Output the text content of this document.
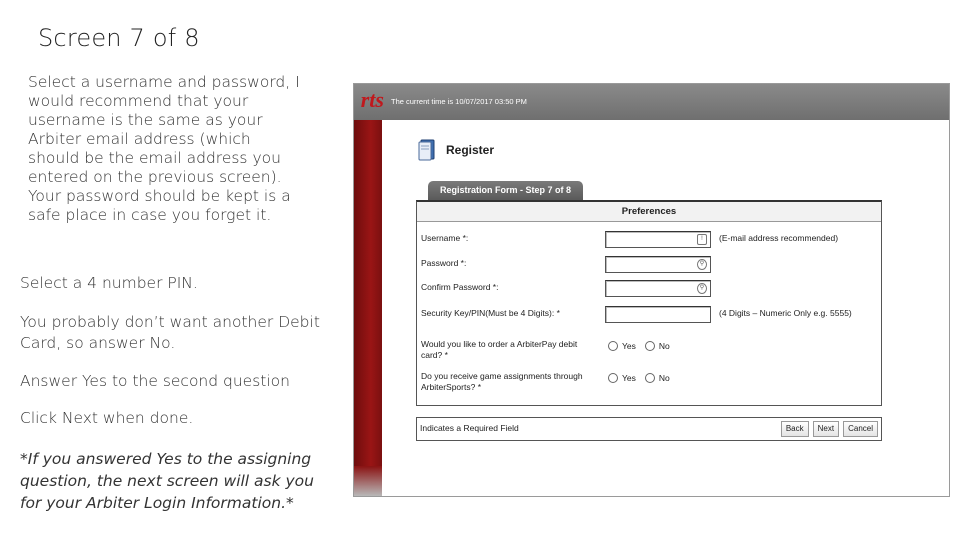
Screen 7 of 8
Select a username and password, I would recommend that your username is the same as your Arbiter email address (which should be the email address you entered on the previous screen). Your password should be kept is a safe place in case you forget it.
Select a 4 number PIN.
You probably don’t want another Debit Card, so answer No.
Answer Yes to the second question
Click Next when done.
*If you answered Yes to the assigning question, the next screen will ask you for your Arbiter Login Information.*
rts The current time is 10/07/2017 03:50 PM
Register
Registration Form - Step 7 of 8
Preferences
Username *:	!	(E-mail address recommended)
Password *:	⚲
Confirm Password *:	⚲
Security Key/PIN(Must be 4 Digits): *	(4 Digits – Numeric Only e.g. 5555)
Would you like to order a ArbiterPay debit card? *
Yes	No
Do you receive game assignments through ArbiterSports? *
Yes	No
Indicates a Required Field	Back	Next	Cancel
